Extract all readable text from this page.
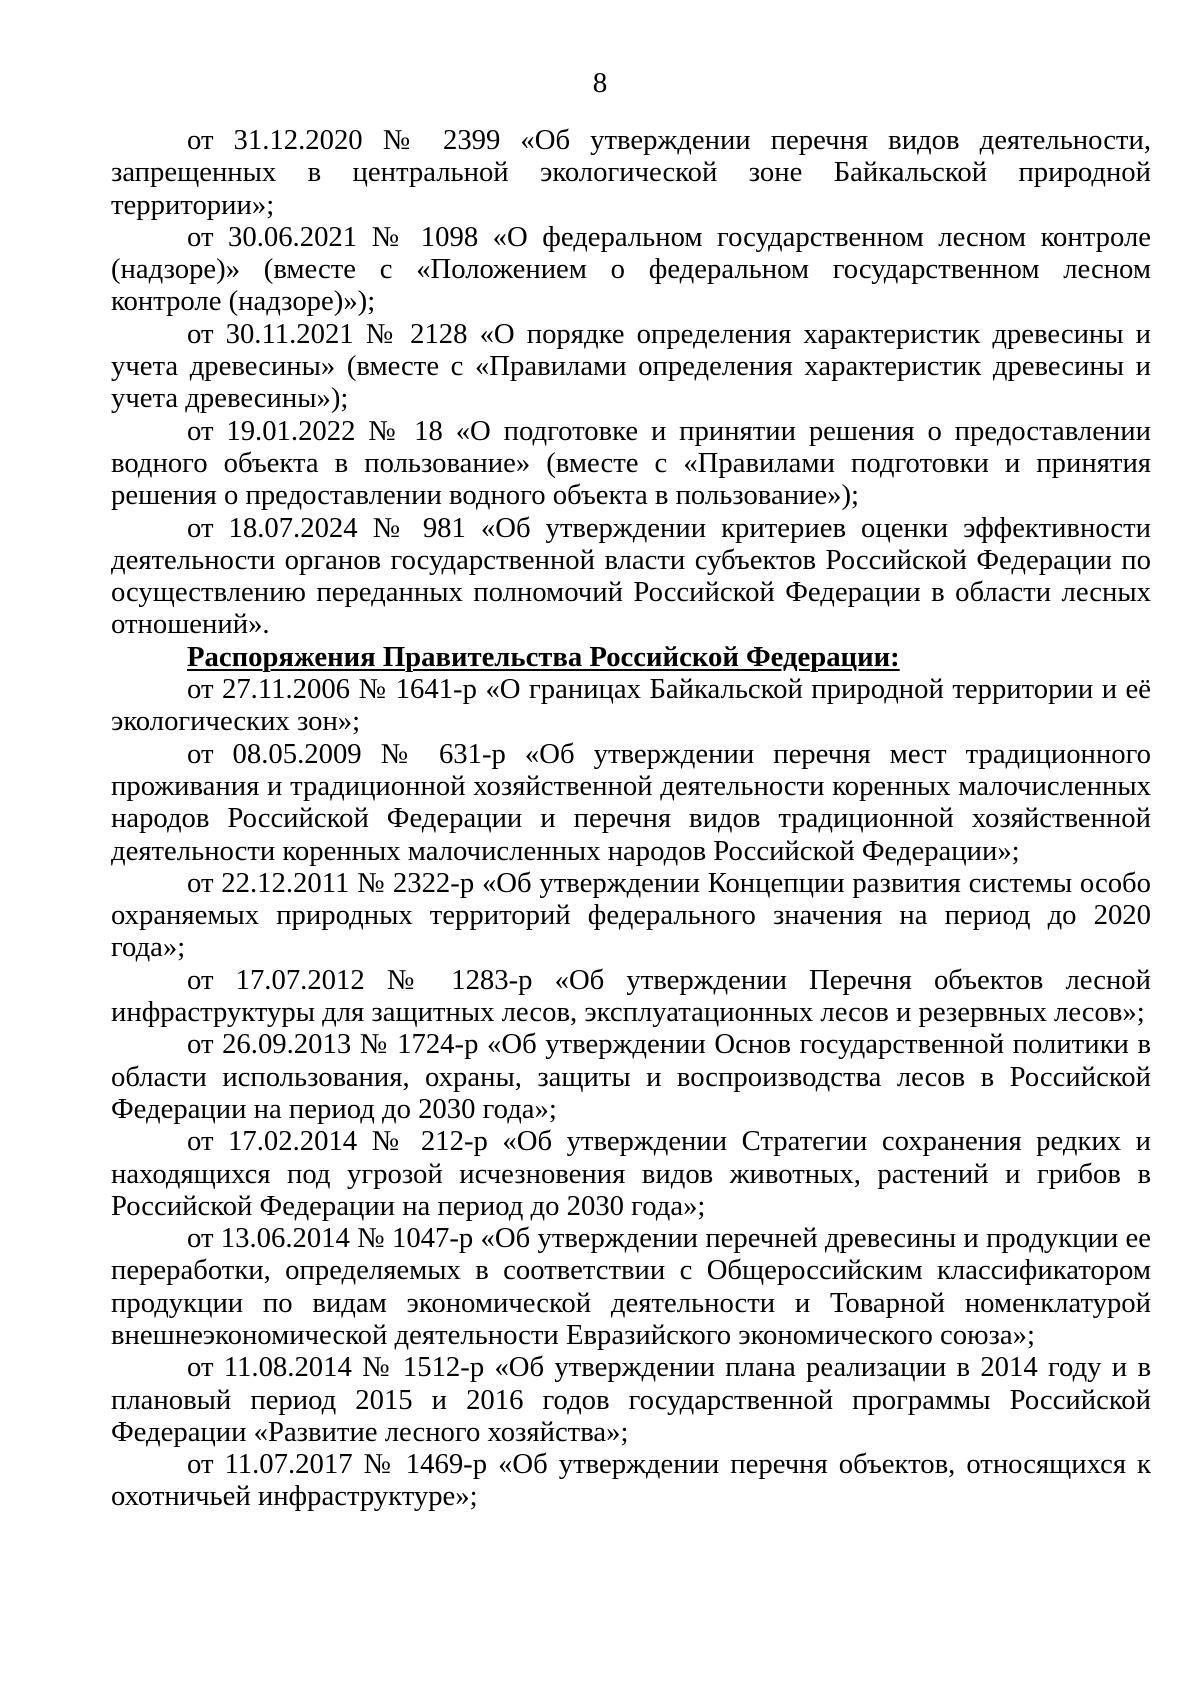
8

от 31.12.2020 № 2399 «Об утверждении перечня видов деятельности, запрещенных в центральной экологической зоне Байкальской природной территории»;

от 30.06.2021 № 1098 «О федеральном государственном лесном контроле (надзоре)» (вместе с «Положением о федеральном государственном лесном контроле (надзоре)»);

от 30.11.2021 № 2128 «О порядке определения характеристик древесины и учета древесины» (вместе с «Правилами определения характеристик древесины и учета древесины»);

от 19.01.2022 № 18 «О подготовке и принятии решения о предоставлении водного объекта в пользование» (вместе с «Правилами подготовки и принятия решения о предоставлении водного объекта в пользование»);

от 18.07.2024 № 981 «Об утверждении критериев оценки эффективности деятельности органов государственной власти субъектов Российской Федерации по осуществлению переданных полномочий Российской Федерации в области лесных отношений».

Распоряжения Правительства Российской Федерации:

от 27.11.2006 № 1641-р «О границах Байкальской природной территории и её экологических зон»;

от 08.05.2009 № 631-р «Об утверждении перечня мест традиционного проживания и традиционной хозяйственной деятельности коренных малочисленных народов Российской Федерации и перечня видов традиционной хозяйственной деятельности коренных малочисленных народов Российской Федерации»;

от 22.12.2011 № 2322-р «Об утверждении Концепции развития системы особо охраняемых природных территорий федерального значения на период до 2020 года»;

от 17.07.2012 № 1283-р «Об утверждении Перечня объектов лесной инфраструктуры для защитных лесов, эксплуатационных лесов и резервных лесов»;

от 26.09.2013 № 1724-р «Об утверждении Основ государственной политики в области использования, охраны, защиты и воспроизводства лесов в Российской Федерации на период до 2030 года»;

от 17.02.2014 № 212-р «Об утверждении Стратегии сохранения редких и находящихся под угрозой исчезновения видов животных, растений и грибов в Российской Федерации на период до 2030 года»;

от 13.06.2014 № 1047-р «Об утверждении перечней древесины и продукции ее переработки, определяемых в соответствии с Общероссийским классификатором продукции по видам экономической деятельности и Товарной номенклатурой внешнеэкономической деятельности Евразийского экономического союза»;

от 11.08.2014 № 1512-р «Об утверждении плана реализации в 2014 году и в плановый период 2015 и 2016 годов государственной программы Российской Федерации «Развитие лесного хозяйства»;

от 11.07.2017 № 1469-р «Об утверждении перечня объектов, относящихся к охотничьей инфраструктуре»;
